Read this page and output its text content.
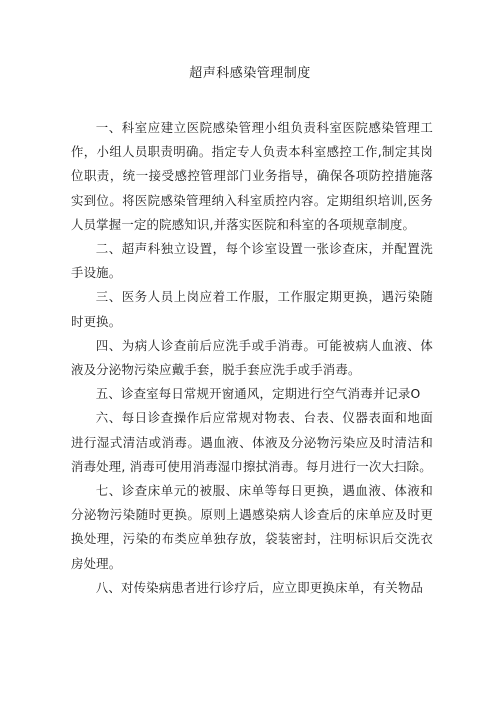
超声科感染管理制度

一、科室应建立医院感染管理小组负责科室医院感染管理工作，小组人员职责明确。指定专人负责本科室感控工作,制定其岗位职责，统一接受感控管理部门业务指导，确保各项防控措施落实到位。将医院感染管理纳入科室质控内容。定期组织培训,医务人员掌握一定的院感知识,并落实医院和科室的各项规章制度。

二、超声科独立设置，每个诊室设置一张诊查床，并配置洗手设施。

三、医务人员上岗应着工作服，工作服定期更换，遇污染随时更换。

四、为病人诊查前后应洗手或手消毒。可能被病人血液、体液及分泌物污染应戴手套，脱手套应洗手或手消毒。

五、诊查室每日常规开窗通风，定期进行空气消毒并记录O

六、每日诊查操作后应常规对物表、台表、仪器表面和地面进行湿式清洁或消毒。遇血液、体液及分泌物污染应及时清洁和消毒处理, 消毒可使用消毒湿巾擦拭消毒。每月进行一次大扫除。

七、诊查床单元的被服、床单等每日更换，遇血液、体液和分泌物污染随时更换。原则上遇感染病人诊查后的床单应及时更换处理，污染的布类应单独存放，袋装密封，注明标识后交洗衣房处理。

八、对传染病患者进行诊疗后，应立即更换床单，有关物品
